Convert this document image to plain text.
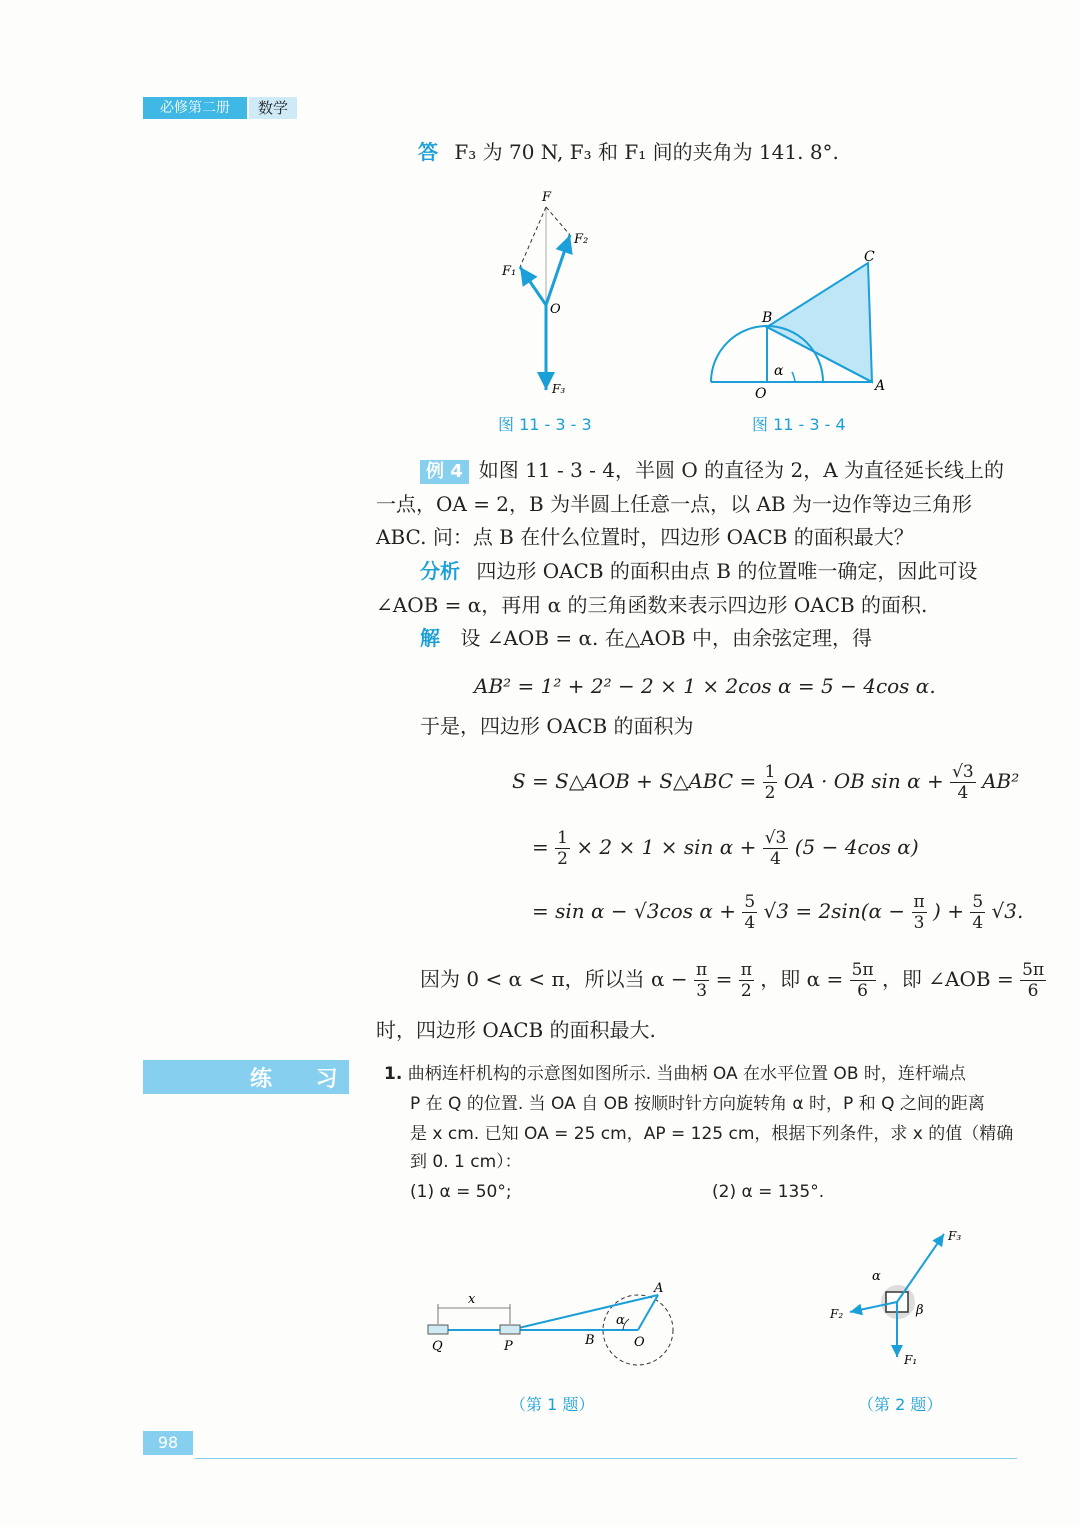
必修第二册	数学
答 F₃ 为 70 N, F₃ 和 F₁ 间的夹角为 141. 8°.
F
F₁
F₂
O
F₃
图 11 - 3 - 3
C
B
O	A
α
图 11 - 3 - 4
例 4 如图 11 - 3 - 4，半圆 O 的直径为 2，A 为直径延长线上的
一点，OA = 2，B 为半圆上任意一点，以 AB 为一边作等边三角形
ABC. 问：点 B 在什么位置时，四边形 OACB 的面积最大？
分析 四边形 OACB 的面积由点 B 的位置唯一确定，因此可设
∠AOB = α，再用 α 的三角函数来表示四边形 OACB 的面积.
解 设 ∠AOB = α. 在△AOB 中，由余弦定理，得
AB² = 1² + 2² − 2 × 1 × 2cos α = 5 − 4cos α.
于是，四边形 OACB 的面积为
S = S△AOB + S△ABC = $\frac{1}{2}$ OA · OB $\sin \alpha + \frac{√3}{4} AB^2$
= $\frac{1}{2} \times 2 \times 1 \times \sin \alpha + \frac{√3}{4} (5 - 4\cos$ α)
= sin α − √3cos $\alpha + \frac{5}{4} √3 = 2\sin(\alpha - \frac{\pi}{3}$ ) + $\frac{5}{4} √3$.
因为 0 < α < π，所以当 $\alpha - \frac{\pi}{3} = \frac{\pi}{2}$ ，即 $\alpha = \frac{5\pi}{6}$ ，即 ∠AOB = $\frac{5\pi}{6}$
时，四边形 OACB 的面积最大.
练 习 1. 曲柄连杆机构的示意图如图所示. 当曲柄 OA 在水平位置 OB 时，连杆端点
P 在 Q 的位置. 当 OA 自 OB 按顺时针方向旋转角 α 时，P 和 Q 之间的距离
是 x cm. 已知 OA = 25 cm，AP = 125 cm，根据下列条件，求 x 的值（精确
到 0. 1 cm）：
(1) α = 50°;	(2) α = 135°.
x
A
α
Q	P	B	O
（第 1 题）
F₃
α
β
F₂
F₁
（第 2 题）
98
